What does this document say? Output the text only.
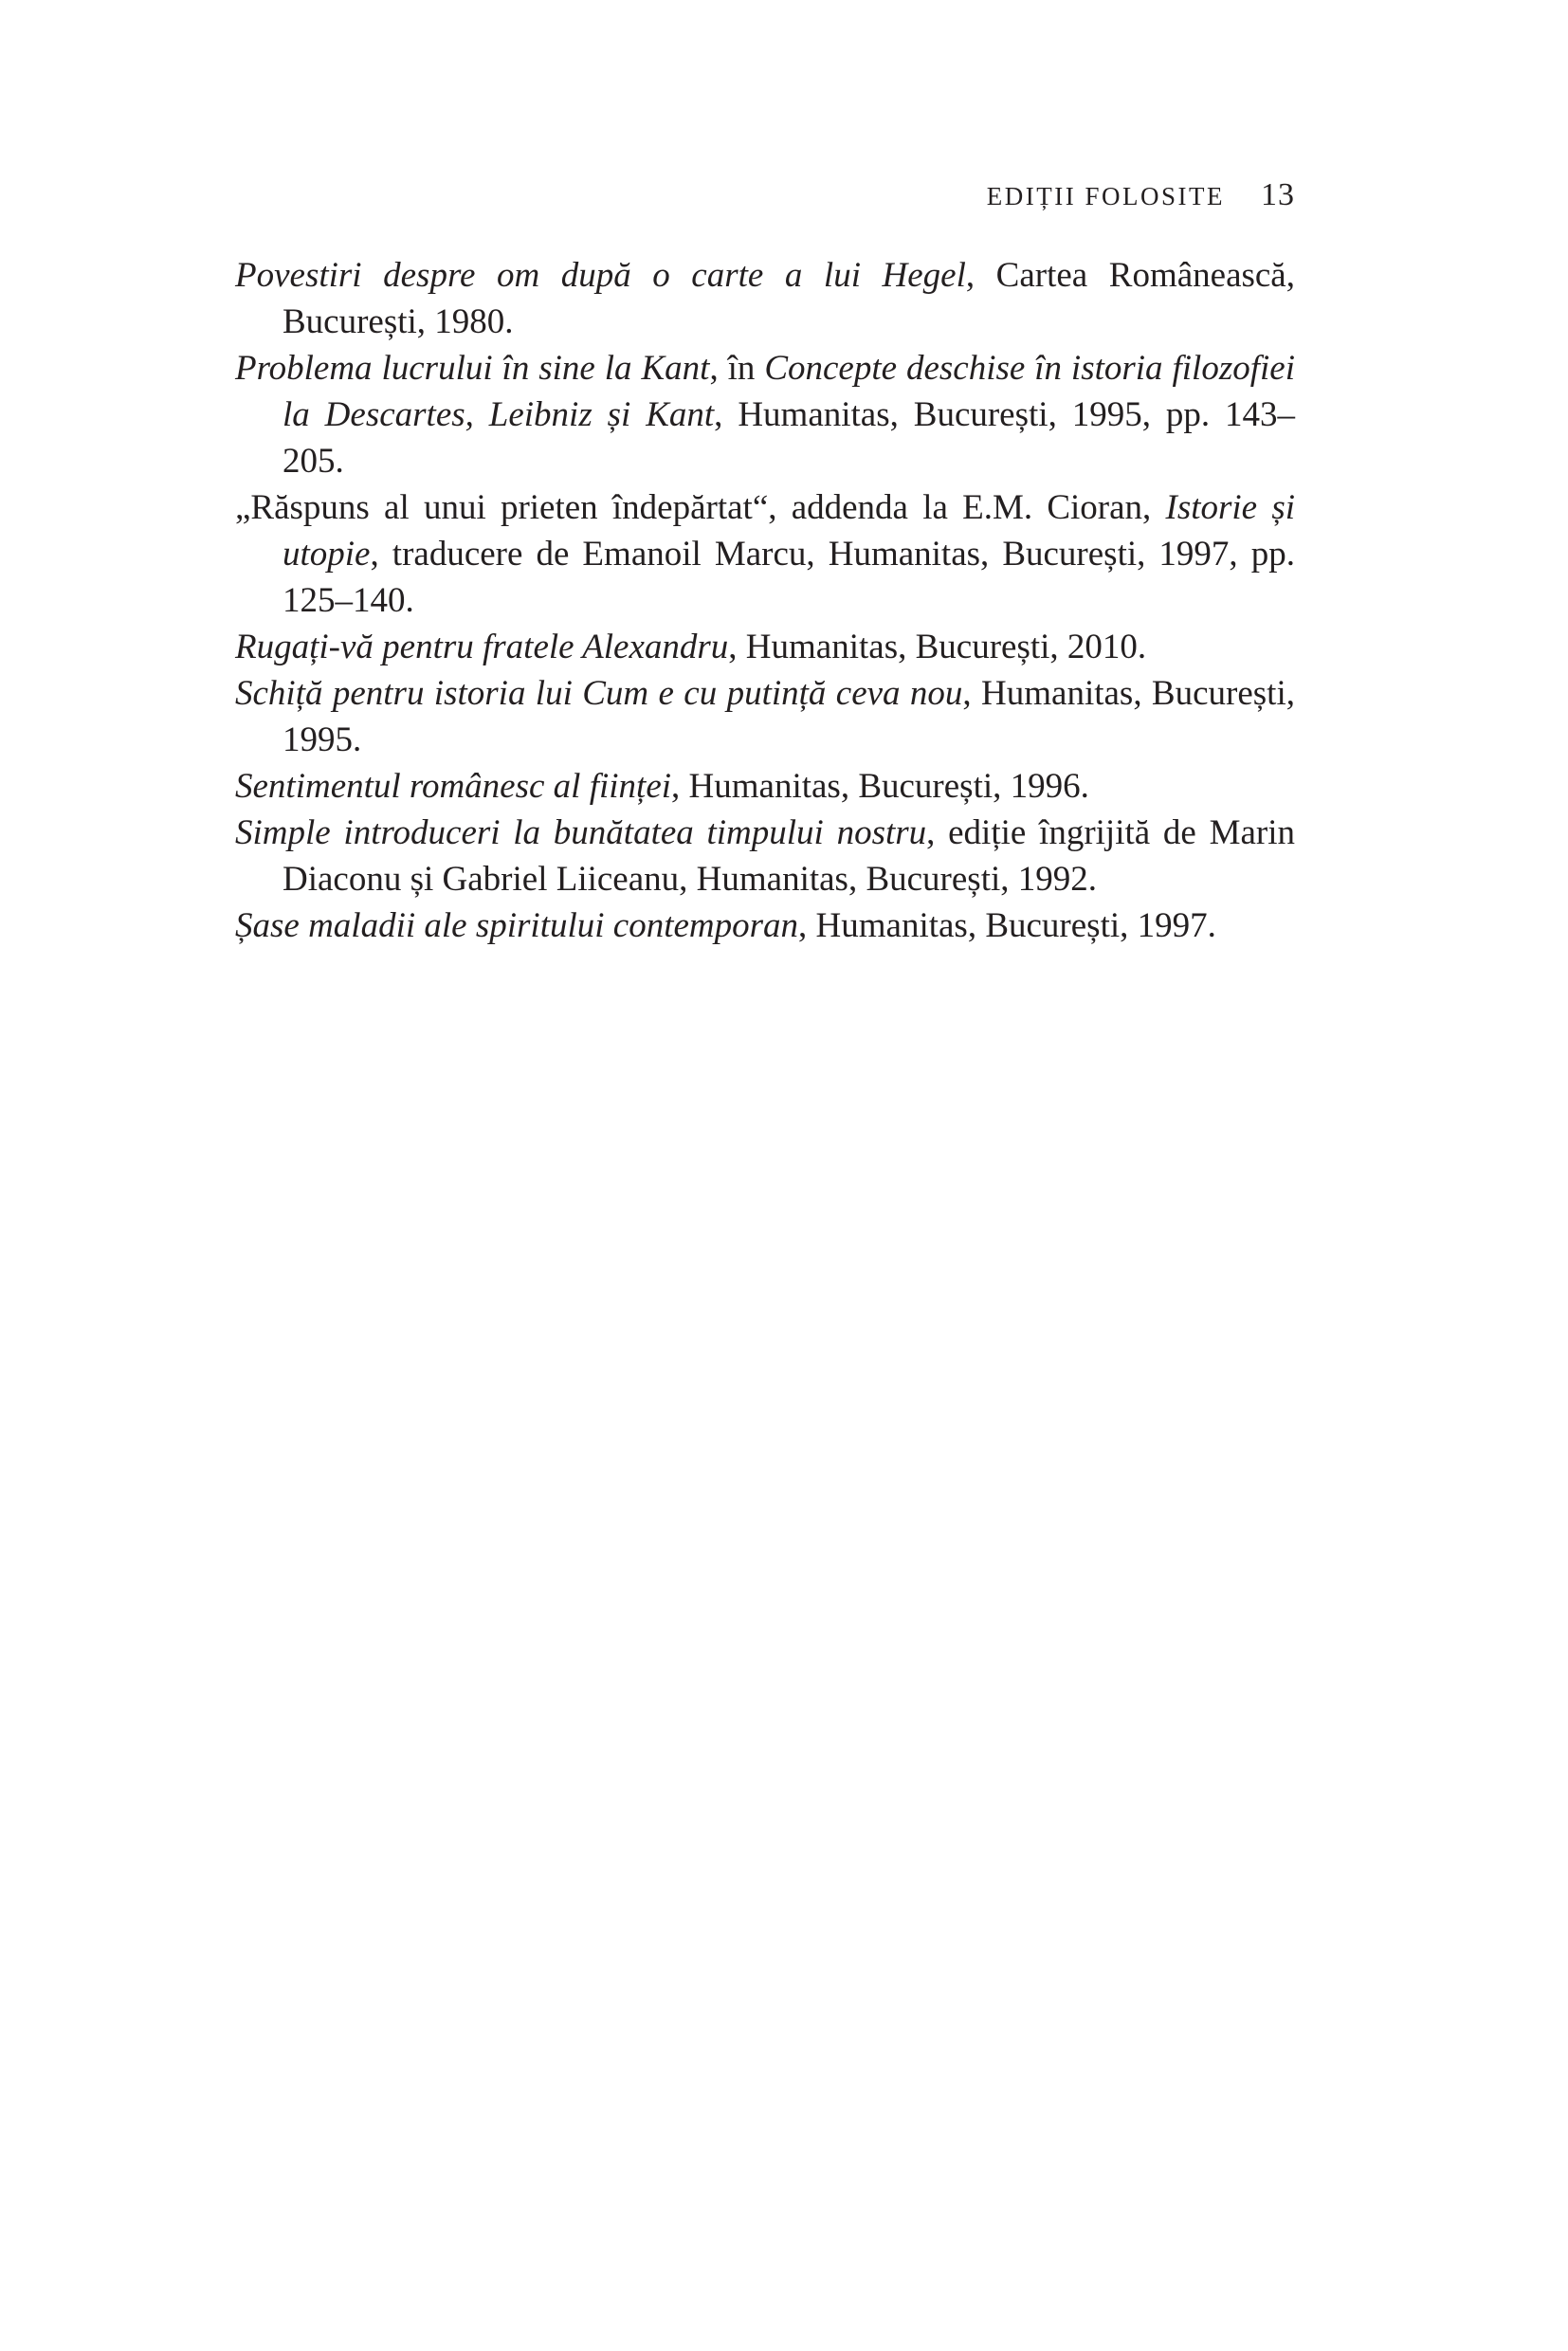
EDIȚII FOLOSITE 13
Povestiri despre om după o carte a lui Hegel, Cartea Românească, București, 1980.
Problema lucrului în sine la Kant, în Concepte deschise în istoria filozofiei la Descartes, Leibniz și Kant, Humanitas, București, 1995, pp. 143–205.
„Răspuns al unui prieten îndepărtat“, addenda la E.M. Cioran, Istorie și utopie, traducere de Emanoil Marcu, Humanitas, București, 1997, pp. 125–140.
Rugați-vă pentru fratele Alexandru, Humanitas, București, 2010.
Schiță pentru istoria lui Cum e cu putință ceva nou, Humanitas, București, 1995.
Sentimentul românesc al ființei, Humanitas, București, 1996.
Simple introduceri la bunătatea timpului nostru, ediție îngrijită de Marin Diaconu și Gabriel Liiceanu, Humanitas, București, 1992.
Șase maladii ale spiritului contemporan, Humanitas, București, 1997.
